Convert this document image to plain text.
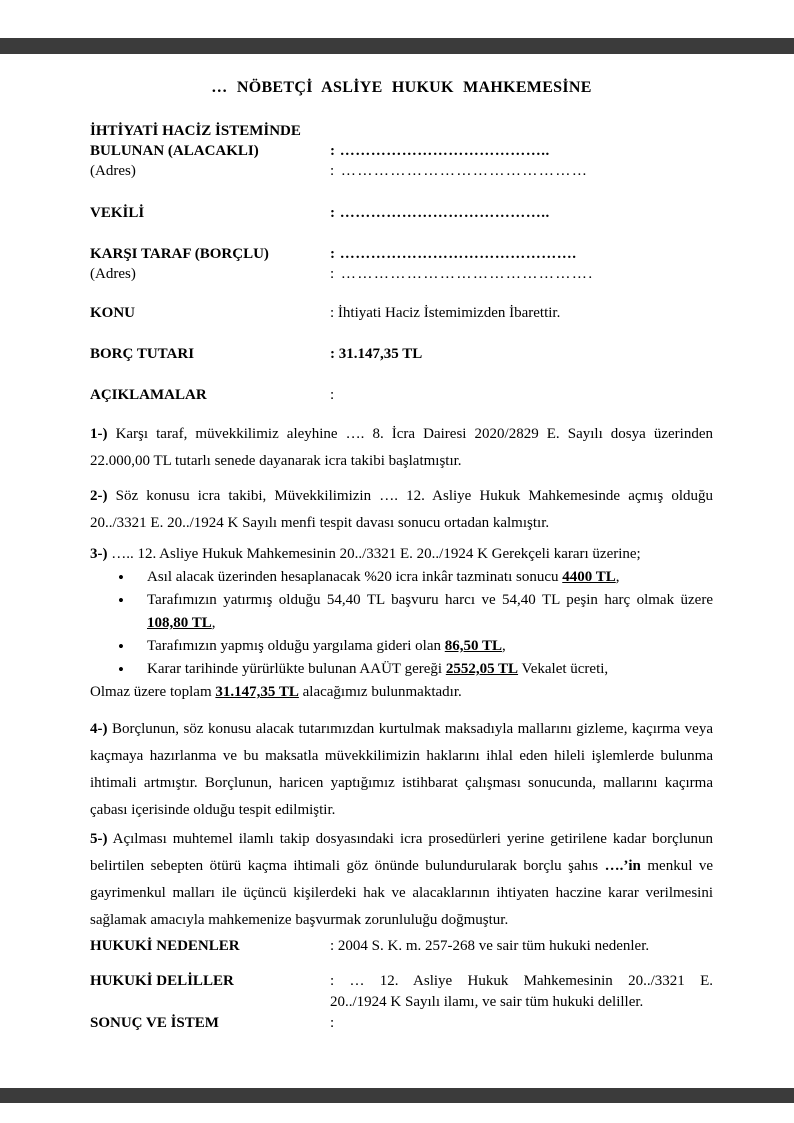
… NÖBETÇİ ASLİYE HUKUK MAHKEMESİNE
İHTİYATİ HACİZ İSTEMİNDE
BULUNAN (ALACAKLI)	: …………………………………..
(Adres)	: ………………………………………
VEKİLİ	: …………………………………..
KARŞI TARAF (BORÇLU)	: ……………………………………….
(Adres)	: ……………………………………….
KONU	: İhtiyati Haciz İstemimizden İbarettir.
BORÇ TUTARI	: 31.147,35 TL
AÇIKLAMALAR	:

1-) Karşı taraf, müvekkilimiz aleyhine …. 8. İcra Dairesi 2020/2829 E. Sayılı dosya üzerinden 22.000,00 TL tutarlı senede dayanarak icra takibi başlatmıştır.

2-) Söz konusu icra takibi, Müvekkilimizin …. 12. Asliye Hukuk Mahkemesinde açmış olduğu 20../3321 E. 20../1924 K Sayılı menfi tespit davası sonucu ortadan kalmıştır.

3-) ….. 12. Asliye Hukuk Mahkemesinin 20../3321 E. 20../1924 K Gerekçeli kararı üzerine;

• Asıl alacak üzerinden hesaplanacak %20 icra inkâr tazminatı sonucu 4400 TL,
• Tarafımızın yatırmış olduğu 54,40 TL başvuru harcı ve 54,40 TL peşin harç olmak üzere 108,80 TL,
• Tarafımızın yapmış olduğu yargılama gideri olan 86,50 TL,
• Karar tarihinde yürürlükte bulunan AAÜT gereği 2552,05 TL Vekalet ücreti,

Olmaz üzere toplam 31.147,35 TL alacağımız bulunmaktadır.

4-) Borçlunun, söz konusu alacak tutarımızdan kurtulmak maksadıyla mallarını gizleme, kaçırma veya kaçmaya hazırlanma ve bu maksatla müvekkilimizin haklarını ihlal eden hileli işlemlerde bulunma ihtimali artmıştır. Borçlunun, haricen yaptığımız istihbarat çalışması sonucunda, mallarını kaçırma çabası içerisinde olduğu tespit edilmiştir.

5-) Açılması muhtemel ilamlı takip dosyasındaki icra prosedürleri yerine getirilene kadar borçlunun belirtilen sebepten ötürü kaçma ihtimali göz önünde bulundurularak borçlu şahıs ….’in menkul ve gayrimenkul malları ile üçüncü kişilerdeki hak ve alacaklarının ihtiyaten haczine karar verilmesini sağlamak amacıyla mahkemenize başvurmak zorunluluğu doğmuştur.

HUKUKİ NEDENLER	: 2004 S. K. m. 257-268 ve sair tüm hukuki nedenler.
HUKUKİ DELİLLER	: … 12. Asliye Hukuk Mahkemesinin 20../3321 E.
20../1924 K Sayılı ilamı, ve sair tüm hukuki deliller.
SONUÇ VE İSTEM	:
